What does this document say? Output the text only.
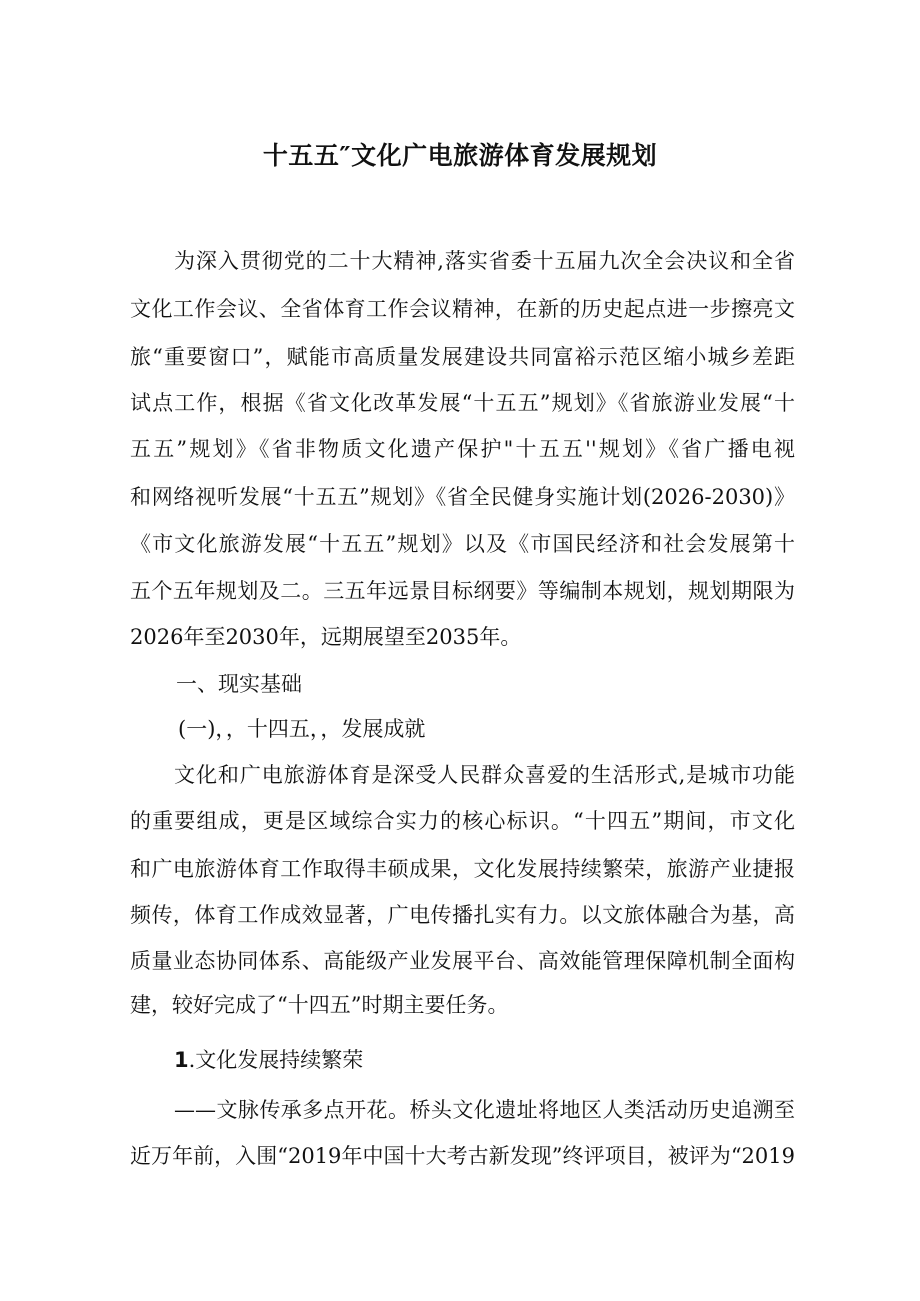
十五五″文化广电旅游体育发展规划
为深入贯彻党的二十大精神,落实省委十五届九次全会决议和全省
文化工作会议、全省体育工作会议精神，在新的历史起点进一步擦亮文
旅“重要窗口”，赋能市高质量发展建设共同富裕示范区缩小城乡差距
试点工作，根据《省文化改革发展“十五五”规划》《省旅游业发展“十
五五”规划》《省非物质文化遗产保护"十五五''规划》《省广播电视
和网络视听发展“十五五”规划》《省全民健身实施计划(2026-2030)》
《市文化旅游发展“十五五”规划》以及《市国民经济和社会发展第十
五个五年规划及二。三五年远景目标纲要》等编制本规划，规划期限为
2026年至2030年，远期展望至2035年。
一、现实基础
(一)，，十四五，，发展成就
文化和广电旅游体育是深受人民群众喜爱的生活形式,是城市功能
的重要组成，更是区域综合实力的核心标识。“十四五”期间，市文化
和广电旅游体育工作取得丰硕成果，文化发展持续繁荣，旅游产业捷报
频传，体育工作成效显著，广电传播扎实有力。以文旅体融合为基，高
质量业态协同体系、高能级产业发展平台、高效能管理保障机制全面构
建，较好完成了“十四五”时期主要任务。
1.文化发展持续繁荣
——文脉传承多点开花。桥头文化遗址将地区人类活动历史追溯至
近万年前，入围“2019年中国十大考古新发现”终评项目，被评为“2019
